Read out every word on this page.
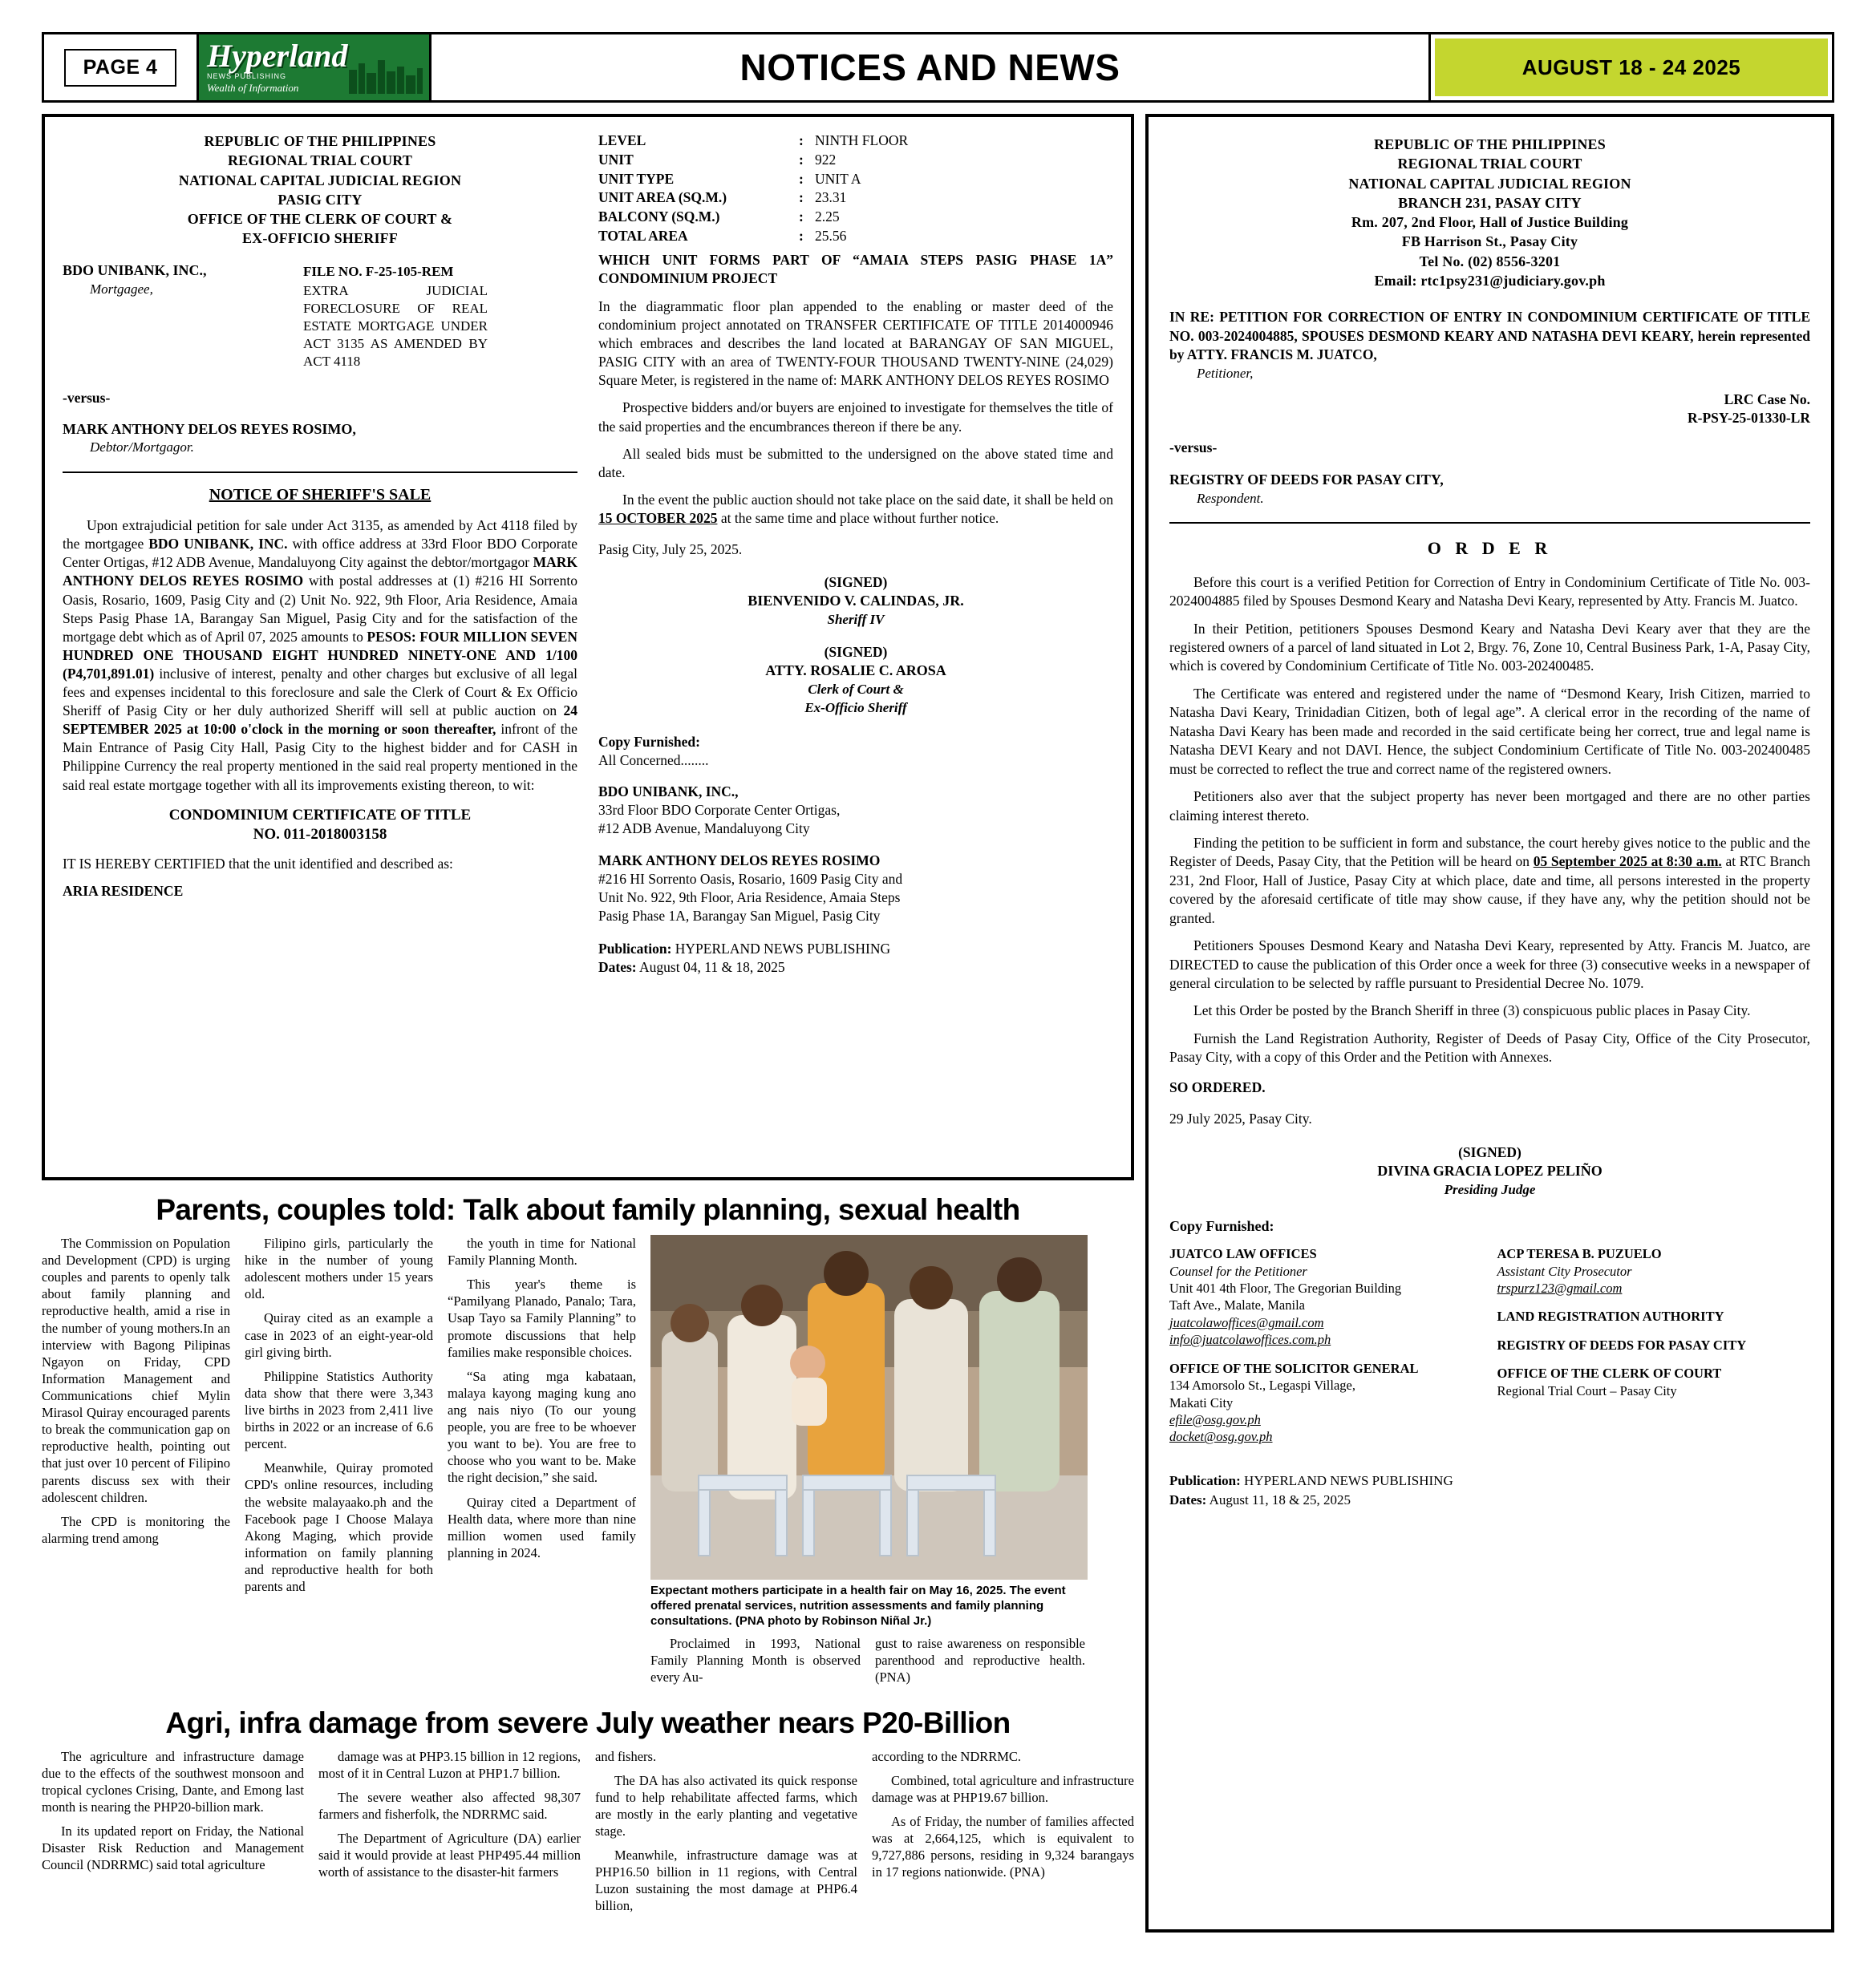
PAGE 4	Hyperland
NEWS PUBLISHING
Wealth of Information	NOTICES AND NEWS	AUGUST 18 - 24 2025
REPUBLIC OF THE PHILIPPINES
REGIONAL TRIAL COURT
NATIONAL CAPITAL JUDICIAL REGION
PASIG CITY
OFFICE OF THE CLERK OF COURT &
EX-OFFICIO SHERIFF
BDO UNIBANK, INC.,
Mortgagee,
FILE NO. F-25-105-REM
EXTRA JUDICIAL FORECLOSURE OF REAL ESTATE MORTGAGE UNDER ACT 3135 AS AMENDED BY ACT 4118
-versus-
MARK ANTHONY DELOS REYES ROSIMO,
Debtor/Mortgagor.
NOTICE OF SHERIFF'S SALE

Upon extrajudicial petition for sale under Act 3135, as amended by Act 4118 filed by the mortgagee BDO UNIBANK, INC. with office address at 33rd Floor BDO Corporate Center Ortigas, #12 ADB Avenue, Mandaluyong City against the debtor/mortgagor MARK ANTHONY DELOS REYES ROSIMO with postal addresses at (1) #216 HI Sorrento Oasis, Rosario, 1609, Pasig City and (2) Unit No. 922, 9th Floor, Aria Residence, Amaia Steps Pasig Phase 1A, Barangay San Miguel, Pasig City and for the satisfaction of the mortgage debt which as of April 07, 2025 amounts to PESOS: FOUR MILLION SEVEN HUNDRED ONE THOUSAND EIGHT HUNDRED NINETY-ONE AND 1/100 (P4,701,891.01) inclusive of interest, penalty and other charges but exclusive of all legal fees and expenses incidental to this foreclosure and sale the Clerk of Court & Ex Officio Sheriff of Pasig City or her duly authorized Sheriff will sell at public auction on 24 SEPTEMBER 2025 at 10:00 o'clock in the morning or soon thereafter, infront of the Main Entrance of Pasig City Hall, Pasig City to the highest bidder and for CASH in Philippine Currency the real property mentioned in the said real property mentioned in the said real estate mortgage together with all its improvements existing thereon, to wit:

CONDOMINIUM CERTIFICATE OF TITLE
NO. 011-2018003158

IT IS HEREBY CERTIFIED that the unit identified and described as:

ARIA RESIDENCE
LEVEL	:	NINTH FLOOR
UNIT	:	922
UNIT TYPE	:	UNIT A
UNIT AREA (SQ.M.)	:	23.31
BALCONY (SQ.M.)	:	2.25
TOTAL AREA	:	25.56
WHICH UNIT FORMS PART OF “AMAIA STEPS PASIG PHASE 1A” CONDOMINIUM PROJECT

In the diagrammatic floor plan appended to the enabling or master deed of the condominium project annotated on TRANSFER CERTIFICATE OF TITLE 2014000946 which embraces and describes the land located at BARANGAY OF SAN MIGUEL, PASIG CITY with an area of TWENTY-FOUR THOUSAND TWENTY-NINE (24,029) Square Meter, is registered in the name of: MARK ANTHONY DELOS REYES ROSIMO

Prospective bidders and/or buyers are enjoined to investigate for themselves the title of the said properties and the encumbrances thereon if there be any.

All sealed bids must be submitted to the undersigned on the above stated time and date.

In the event the public auction should not take place on the said date, it shall be held on 15 OCTOBER 2025 at the same time and place without further notice.

Pasig City, July 25, 2025.

(SIGNED)
BIENVENIDO V. CALINDAS, JR.
Sheriff IV
(SIGNED)
ATTY. ROSALIE C. AROSA
Clerk of Court &
Ex-Officio Sheriff
Copy Furnished:
All Concerned........
BDO UNIBANK, INC.,
33rd Floor BDO Corporate Center Ortigas,
#12 ADB Avenue, Mandaluyong City
MARK ANTHONY DELOS REYES ROSIMO
#216 HI Sorrento Oasis, Rosario, 1609 Pasig City and
Unit No. 922, 9th Floor, Aria Residence, Amaia Steps
Pasig Phase 1A, Barangay San Miguel, Pasig City
Publication: HYPERLAND NEWS PUBLISHING
Dates: August 04, 11 & 18, 2025
Parents, couples told: Talk about family planning, sexual health

The Commission on Population and Development (CPD) is urging couples and parents to openly talk about family planning and reproductive health, amid a rise in the number of young mothers.In an interview with Bagong Pilipinas Ngayon on Friday, CPD Information Management and Communications chief Mylin Mirasol Quiray encouraged parents to break the communication gap on reproductive health, pointing out that just over 10 percent of Filipino parents discuss sex with their adolescent children.

The CPD is monitoring the alarming trend among

Filipino girls, particularly the hike in the number of young adolescent mothers under 15 years old.

Quiray cited as an example a case in 2023 of an eight-year-old girl giving birth.

Philippine Statistics Authority data show that there were 3,343 live births in 2023 from 2,411 live births in 2022 or an increase of 6.6 percent.

Meanwhile, Quiray promoted CPD's online resources, including the website malayaako.ph and the Facebook page I Choose Malaya Akong Maging, which provide information on family planning and reproductive health for both parents and

the youth in time for National Family Planning Month.

This year's theme is “Pamilyang Planado, Panalo; Tara, Usap Tayo sa Family Planning” to promote discussions that help families make responsible choices.

“Sa ating mga kabataan, malaya kayong maging kung ano ang nais niyo (To our young people, you are free to be whoever you want to be). You are free to choose who you want to be. Make the right decision,” she said.

Quiray cited a Department of Health data, where more than nine million women used family planning in 2024.

Expectant mothers participate in a health fair on May 16, 2025. The event offered prenatal services, nutrition assessments and family planning consultations. (PNA photo by Robinson Niñal Jr.)

Proclaimed in 1993, National Family Planning Month is observed every Au-

gust to raise awareness on responsible parenthood and reproductive health. (PNA)

Agri, infra damage from severe July weather nears P20-Billion

The agriculture and infrastructure damage due to the effects of the southwest monsoon and tropical cyclones Crising, Dante, and Emong last month is nearing the PHP20-billion mark.

In its updated report on Friday, the National Disaster Risk Reduction and Management Council (NDRRMC) said total agriculture

damage was at PHP3.15 billion in 12 regions, most of it in Central Luzon at PHP1.7 billion.

The severe weather also affected 98,307 farmers and fisherfolk, the NDRRMC said.

The Department of Agriculture (DA) earlier said it would provide at least PHP495.44 million worth of assistance to the disaster-hit farmers

and fishers.

The DA has also activated its quick response fund to help rehabilitate affected farms, which are mostly in the early planting and vegetative stage.

Meanwhile, infrastructure damage was at PHP16.50 billion in 11 regions, with Central Luzon sustaining the most damage at PHP6.4 billion,

according to the NDRRMC.

Combined, total agriculture and infrastructure damage was at PHP19.67 billion.

As of Friday, the number of families affected was at 2,664,125, which is equivalent to 9,727,886 persons, residing in 9,324 barangays in 17 regions nationwide. (PNA)

REPUBLIC OF THE PHILIPPINES
REGIONAL TRIAL COURT
NATIONAL CAPITAL JUDICIAL REGION
BRANCH 231, PASAY CITY
Rm. 207, 2nd Floor, Hall of Justice Building
FB Harrison St., Pasay City
Tel No. (02) 8556-3201
Email: rtc1psy231@judiciary.gov.ph
IN RE: PETITION FOR CORRECTION OF ENTRY IN CONDOMINIUM CERTIFICATE OF TITLE NO. 003-2024004885, SPOUSES DESMOND KEARY AND NATASHA DEVI KEARY, herein represented by ATTY. FRANCIS M. JUATCO,
Petitioner,
LRC Case No.
R-PSY-25-01330-LR
-versus-
REGISTRY OF DEEDS FOR PASAY CITY,
Respondent.
O R D E R

Before this court is a verified Petition for Correction of Entry in Condominium Certificate of Title No. 003-2024004885 filed by Spouses Desmond Keary and Natasha Devi Keary, represented by Atty. Francis M. Juatco.

In their Petition, petitioners Spouses Desmond Keary and Natasha Devi Keary aver that they are the registered owners of a parcel of land situated in Lot 2, Brgy. 76, Zone 10, Central Business Park, 1-A, Pasay City, which is covered by Condominium Certificate of Title No. 003-202400485.

The Certificate was entered and registered under the name of “Desmond Keary, Irish Citizen, married to Natasha Davi Keary, Trinidadian Citizen, both of legal age”. A clerical error in the recording of the name of Natasha Davi Keary has been made and recorded in the said certificate being her correct, true and legal name is Natasha DEVI Keary and not DAVI. Hence, the subject Condominium Certificate of Title No. 003-202400485 must be corrected to reflect the true and correct name of the registered owners.

Petitioners also aver that the subject property has never been mortgaged and there are no other parties claiming interest thereto.

Finding the petition to be sufficient in form and substance, the court hereby gives notice to the public and the Register of Deeds, Pasay City, that the Petition will be heard on 05 September 2025 at 8:30 a.m. at RTC Branch 231, 2nd Floor, Hall of Justice, Pasay City at which place, date and time, all persons interested in the property covered by the aforesaid certificate of title may show cause, if they have any, why the petition should not be granted.

Petitioners Spouses Desmond Keary and Natasha Devi Keary, represented by Atty. Francis M. Juatco, are DIRECTED to cause the publication of this Order once a week for three (3) consecutive weeks in a newspaper of general circulation to be selected by raffle pursuant to Presidential Decree No. 1079.

Let this Order be posted by the Branch Sheriff in three (3) conspicuous public places in Pasay City.

Furnish the Land Registration Authority, Register of Deeds of Pasay City, Office of the City Prosecutor, Pasay City, with a copy of this Order and the Petition with Annexes.

SO ORDERED.
29 July 2025, Pasay City.
(SIGNED)
DIVINA GRACIA LOPEZ PELIÑO
Presiding Judge
Copy Furnished:
JUATCO LAW OFFICES
Counsel for the Petitioner
Unit 401 4th Floor, The Gregorian Building
Taft Ave., Malate, Manila
juatcolawoffices@gmail.com
info@juatcolawoffices.com.ph
OFFICE OF THE SOLICITOR GENERAL
134 Amorsolo St., Legaspi Village,
Makati City
efile@osg.gov.ph
docket@osg.gov.ph
ACP TERESA B. PUZUELO
Assistant City Prosecutor
trspurz123@gmail.com
LAND REGISTRATION AUTHORITY
REGISTRY OF DEEDS FOR PASAY CITY
OFFICE OF THE CLERK OF COURT
Regional Trial Court – Pasay City
Publication: HYPERLAND NEWS PUBLISHING
Dates: August 11, 18 & 25, 2025
